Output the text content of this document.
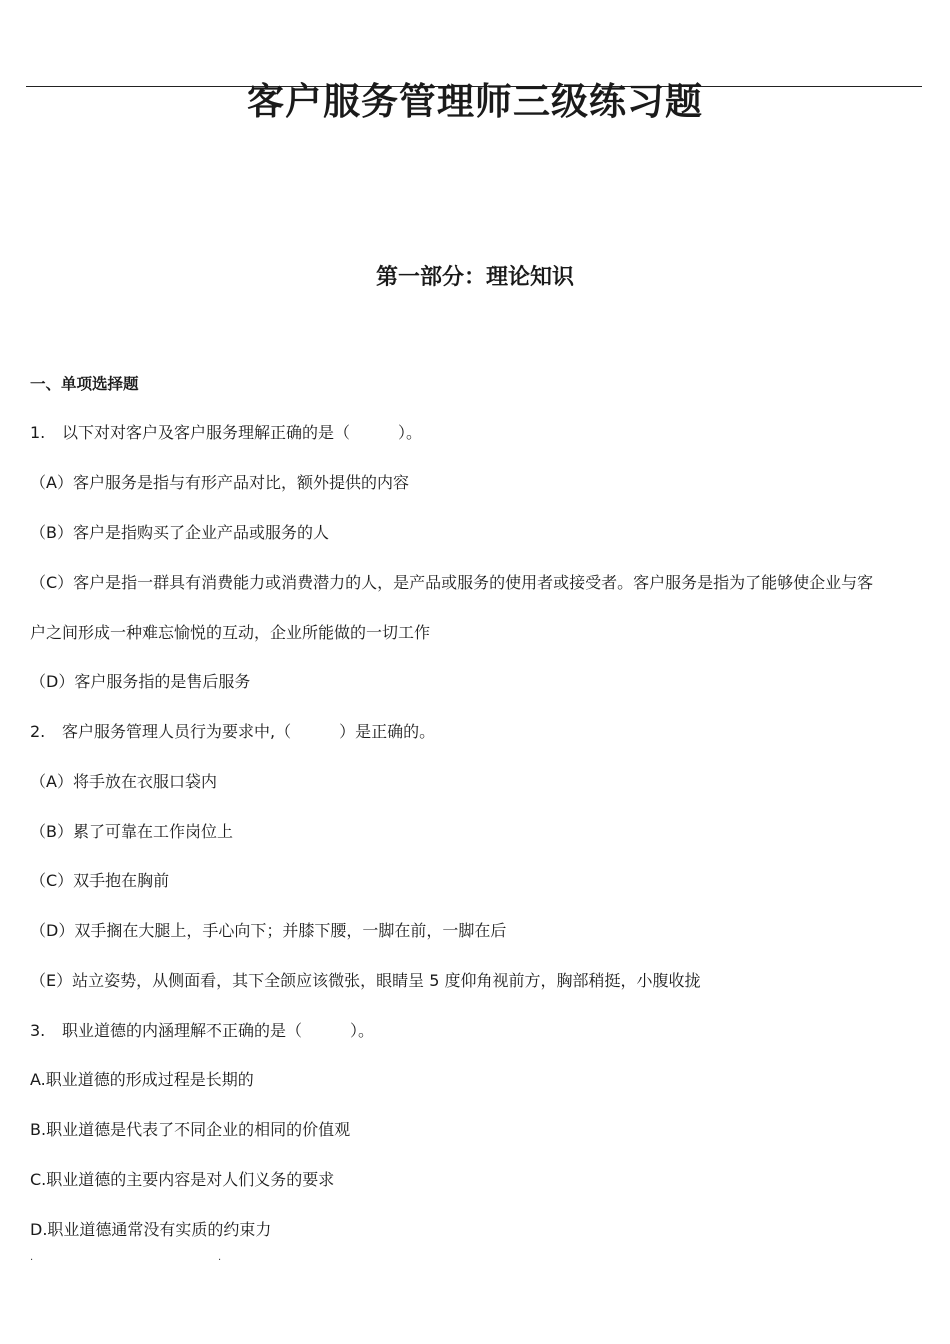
客户服务管理师三级练习题
第一部分：理论知识
一、单项选择题
1. 以下对对客户及客户服务理解正确的是（　　　）。
（A）客户服务是指与有形产品对比，额外提供的内容
（B）客户是指购买了企业产品或服务的人
（C）客户是指一群具有消费能力或消费潜力的人，是产品或服务的使用者或接受者。客户服务是指为了能够使企业与客
户之间形成一种难忘愉悦的互动，企业所能做的一切工作
（D）客户服务指的是售后服务
2. 客户服务管理人员行为要求中,（　　　）是正确的。
（A）将手放在衣服口袋内
（B）累了可靠在工作岗位上
（C）双手抱在胸前
（D）双手搁在大腿上，手心向下；并膝下腰，一脚在前，一脚在后
（E）站立姿势，从侧面看，其下全颌应该微张，眼睛呈 5 度仰角视前方，胸部稍挺，小腹收拢
3. 职业道德的内涵理解不正确的是（　　　）。
A.职业道德的形成过程是长期的
B.职业道德是代表了不同企业的相同的价值观
C.职业道德的主要内容是对人们义务的要求
D.职业道德通常没有实质的约束力
.	.
